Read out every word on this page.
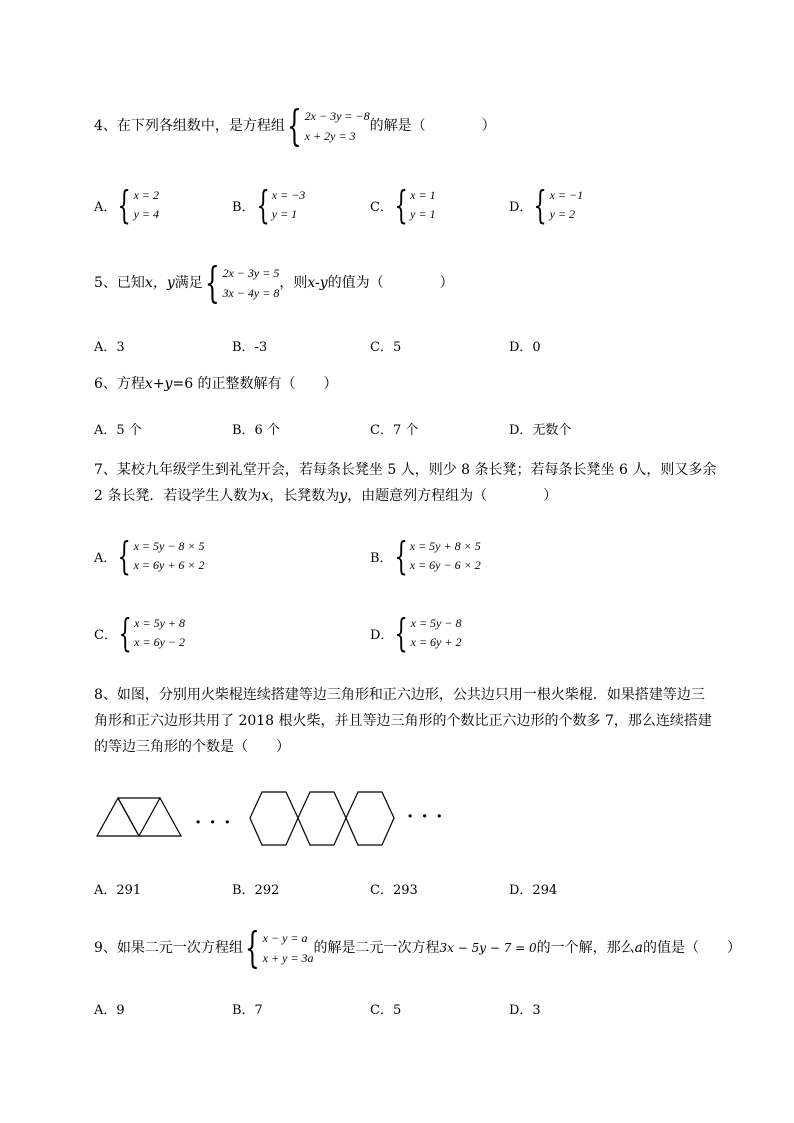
4、在下列各组数中，是方程组 { 2x − 3y = −8
x + 2y = 3
的解是（　　　　）
A． { x = 2
y = 4	B． { x = −3
y = 1	C． { x = 1
y = 1	D． { x = −1
y = 2
5、已知 x，y 满足 { 2x − 3y = 5
3x − 4y = 8
，则 x-y 的值为（　　　　）
A．3	B．-3	C．5	D．0
6、方程x+y=6 的正整数解有（　　）
A．5 个	B．6 个	C．7 个	D．无数个
7、某校九年级学生到礼堂开会，若每条长凳坐 5 人，则少 8 条长凳；若每条长凳坐 6 人，则又多余
2 条长凳．若设学生人数为x，长凳数为y，由题意列方程组为（　　　　）
A． { x = 5y − 8 × 5
x = 6y + 6 × 2	B． { x = 5y + 8 × 5
x = 6y − 6 × 2
C． { x = 5y + 8
x = 6y − 2	D． { x = 5y − 8
x = 6y + 2
8、如图，分别用火柴棍连续搭建等边三角形和正六边形，公共边只用一根火柴棍．如果搭建等边三
角形和正六边形共用了 2018 根火柴，并且等边三角形的个数比正六边形的个数多 7，那么连续搭建
的等边三角形的个数是（　　）
· · ·	· · ·
A．291	B．292	C．293	D．294
9、如果二元一次方程组 { x − y = a
x + y = 3a
的解是二元一次方程 3x − 5y − 7 = 0 的一个解，那么 a 的值是（　　）
A．9	B．7	C．5	D．3
